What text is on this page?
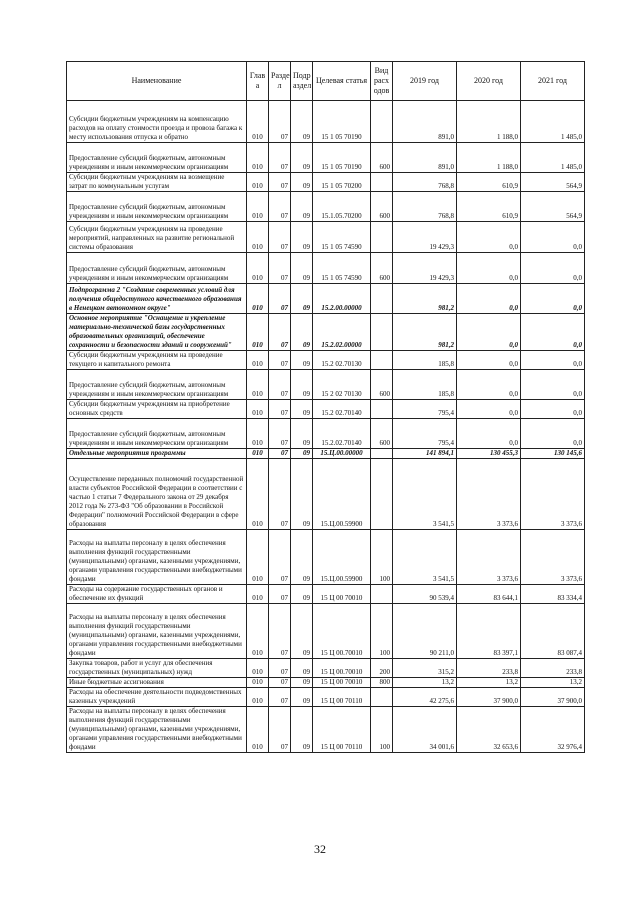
Наименование	Глав а	Разде л	Подр аздел	Целевая статья	Вид расх одов	2019 год	2020 год	2021 год
Субсидии бюджетным учреждениям на компенсацию расходов на оплату стоимости проезда и провоза багажа к месту использования отпуска и обратно	010	07	09	15 1 05 70190		891,0	1 188,0	1 485,0
Предоставление субсидий бюджетным, автономным учреждениям и иным некоммерческим организациям	010	07	09	15 1 05 70190	600	891,0	1 188,0	1 485,0
Субсидии бюджетным учреждениям на возмещение затрат по коммунальным услугам	010	07	09	15 1 05 70200		768,8	610,9	564,9
Предоставление субсидий бюджетным, автономным учреждениям и иным некоммерческим организациям	010	07	09	15.1.05.70200	600	768,8	610,9	564,9
Субсидии бюджетным учреждениям на проведение мероприятий, направленных на развитие региональной системы образования	010	07	09	15 1 05 74590		19 429,3	0,0	0,0
Предоставление субсидий бюджетным, автономным учреждениям и иным некоммерческим организациям	010	07	09	15 1 05 74590	600	19 429,3	0,0	0,0
Подпрограмма 2 "Создание современных условий для получения общедоступного качественного образования в Ненецком автономном округе"	010	07	09	15.2.00.00000		981,2	0,0	0,0
Основное мероприятие "Оснащение и укрепление материально-технической базы государственных образовательных организаций, обеспечение сохранности и безопасности зданий и сооружений"	010	07	09	15.2.02.00000		981,2	0,0	0,0
Субсидии бюджетным учреждениям на проведение текущего и капитального ремонта	010	07	09	15.2 02.70130		185,8	0,0	0,0
Предоставление субсидий бюджетным, автономным учреждениям и иным некоммерческим организациям	010	07	09	15 2 02 70130	600	185,8	0,0	0,0
Субсидии бюджетным учреждениям на приобретение основных средств	010	07	09	15.2 02.70140		795,4	0,0	0,0
Предоставление субсидий бюджетным, автономным учреждениям и иным некоммерческим организациям	010	07	09	15.2.02.70140	600	795,4	0,0	0,0
Отдельные мероприятия программы	010	07	09	15.Ц.00.00000		141 894,1	130 455,3	130 145,6
Осуществление переданных полномочий государственной власти субъектов Российской Федерации в соответствии с частью 1 статьи 7 Федерального закона от 29 декабря 2012 года № 273-ФЗ "Об образовании в Российской Федерации" полномочий Российской Федерации в сфере образования	010	07	09	15.Ц.00.59900		3 541,5	3 373,6	3 373,6
Расходы на выплаты персоналу в целях обеспечения выполнения функций государственными (муниципальными) органами, казенными учреждениями, органами управления государственными внебюджетными фондами	010	07	09	15.Ц.00.59900	100	3 541,5	3 373,6	3 373,6
Расходы на содержание государственных органов и обеспечение их функций	010	07	09	15 Ц 00 70010		90 539,4	83 644,1	83 334,4
Расходы на выплаты персоналу в целях обеспечения выполнения функций государственными (муниципальными) органами, казенными учреждениями, органами управления государственными внебюджетными фондами	010	07	09	15 Ц 00.70010	100	90 211,0	83 397,1	83 087,4
Закупка товаров, работ и услуг для обеспечения государственных (муниципальных) нужд	010	07	09	15 Ц 00.70010	200	315,2	233,8	233,8
Иные бюджетные ассигнования	010	07	09	15 Ц 00 70010	800	13,2	13,2	13,2
Расходы на обеспечение деятельности подведомственных казенных учреждений	010	07	09	15 Ц 00 70110		42 275,6	37 900,0	37 900,0
Расходы на выплаты персоналу в целях обеспечения выполнения функций государственными (муниципальными) органами, казенными учреждениями, органами управления государственными внебюджетными фондами	010	07	09	15 Ц 00 70110	100	34 001,6	32 653,6	32 976,4
32
